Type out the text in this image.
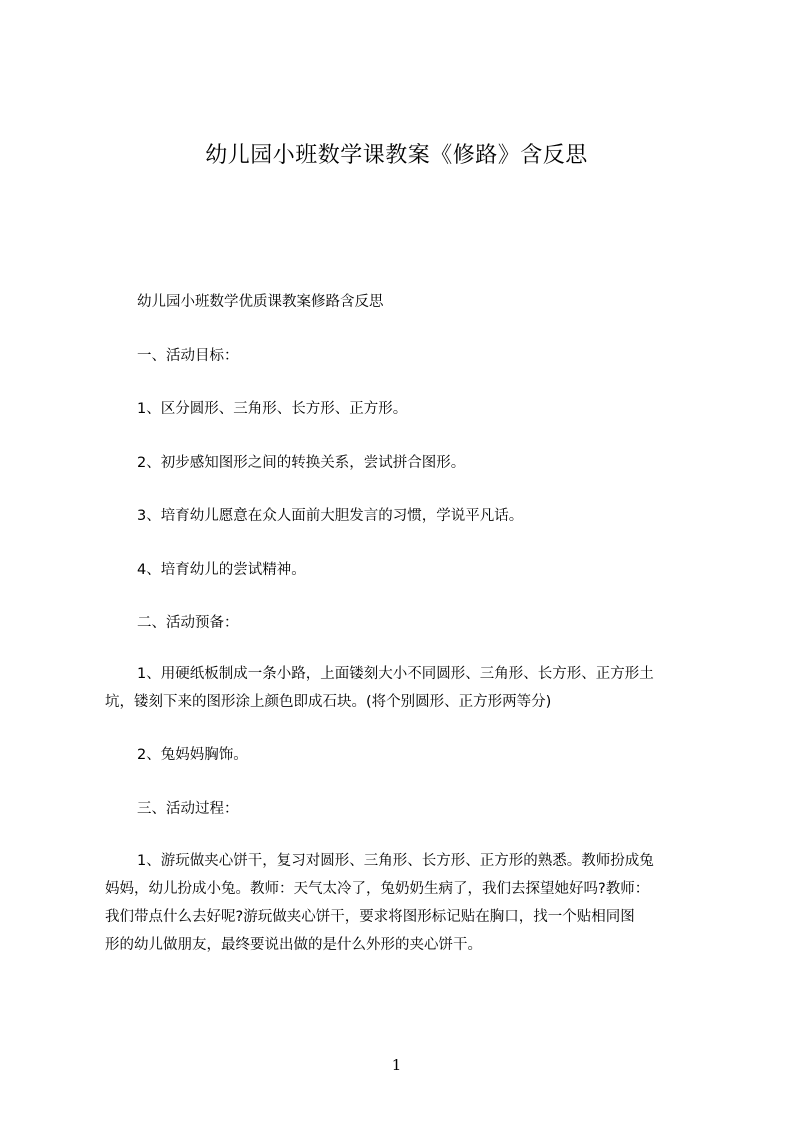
幼儿园小班数学课教案《修路》含反思
幼儿园小班数学优质课教案修路含反思
一、活动目标：
1、区分圆形、三角形、长方形、正方形。
2、初步感知图形之间的转换关系，尝试拼合图形。
3、培育幼儿愿意在众人面前大胆发言的习惯，学说平凡话。
4、培育幼儿的尝试精神。
二、活动预备：
1、用硬纸板制成一条小路，上面镂刻大小不同圆形、三角形、长方形、正方形土
坑，镂刻下来的图形涂上颜色即成石块。(将个别圆形、正方形两等分)
2、兔妈妈胸饰。
三、活动过程：
1、游玩做夹心饼干，复习对圆形、三角形、长方形、正方形的熟悉。教师扮成兔
妈妈，幼儿扮成小兔。教师：天气太冷了，兔奶奶生病了，我们去探望她好吗?教师：
我们带点什么去好呢?游玩做夹心饼干，要求将图形标记贴在胸口，找一个贴相同图
形的幼儿做朋友，最终要说出做的是什么外形的夹心饼干。
1
